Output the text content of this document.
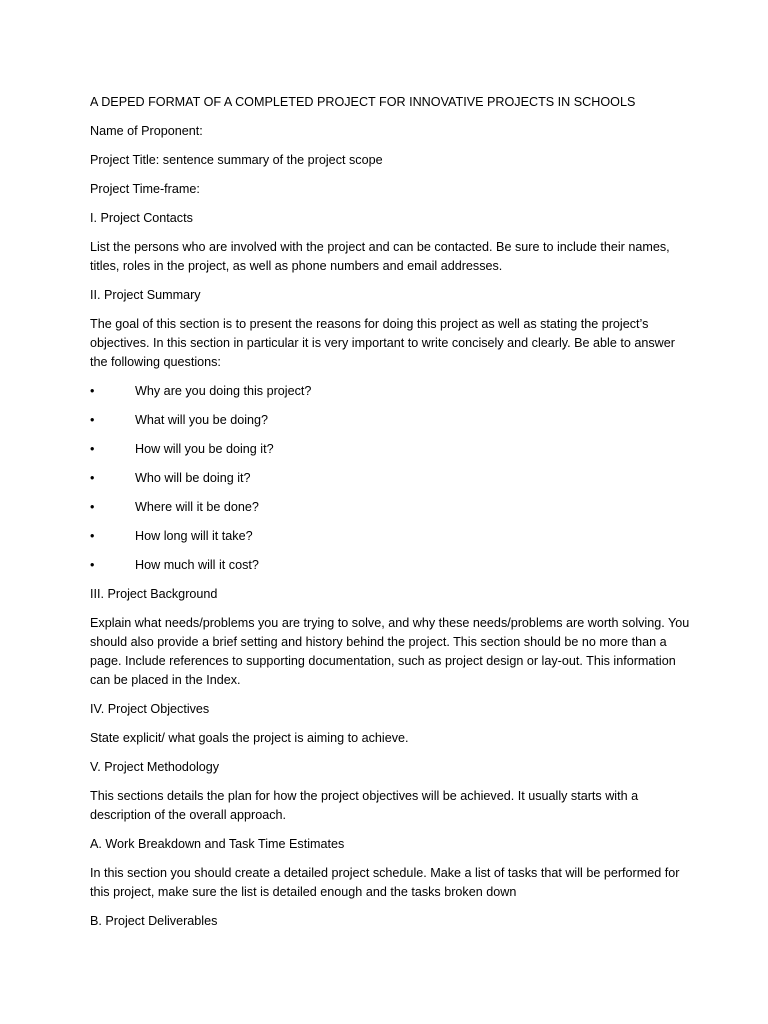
A DEPED FORMAT OF A COMPLETED PROJECT FOR INNOVATIVE PROJECTS IN SCHOOLS

Name of Proponent:

Project Title: sentence summary of the project scope

Project Time-frame:

I. Project Contacts

List the persons who are involved with the project and can be contacted. Be sure to include their names, titles, roles in the project, as well as phone numbers and email addresses.

II. Project Summary

The goal of this section is to present the reasons for doing this project as well as stating the project’s objectives. In this section in particular it is very important to write concisely and clearly. Be able to answer the following questions:

•	Why are you doing this project?
•	What will you be doing?
•	How will you be doing it?
•	Who will be doing it?
•	Where will it be done?
•	How long will it take?
•	How much will it cost?

III. Project Background

Explain what needs/problems you are trying to solve, and why these needs/problems are worth solving. You should also provide a brief setting and history behind the project. This section should be no more than a page. Include references to supporting documentation, such as project design or lay-out. This information can be placed in the Index.

IV. Project Objectives

State explicit/ what goals the project is aiming to achieve.

V. Project Methodology

This sections details the plan for how the project objectives will be achieved. It usually starts with a description of the overall approach.

A. Work Breakdown and Task Time Estimates

In this section you should create a detailed project schedule. Make a list of tasks that will be performed for this project, make sure the list is detailed enough and the tasks broken down

B. Project Deliverables
